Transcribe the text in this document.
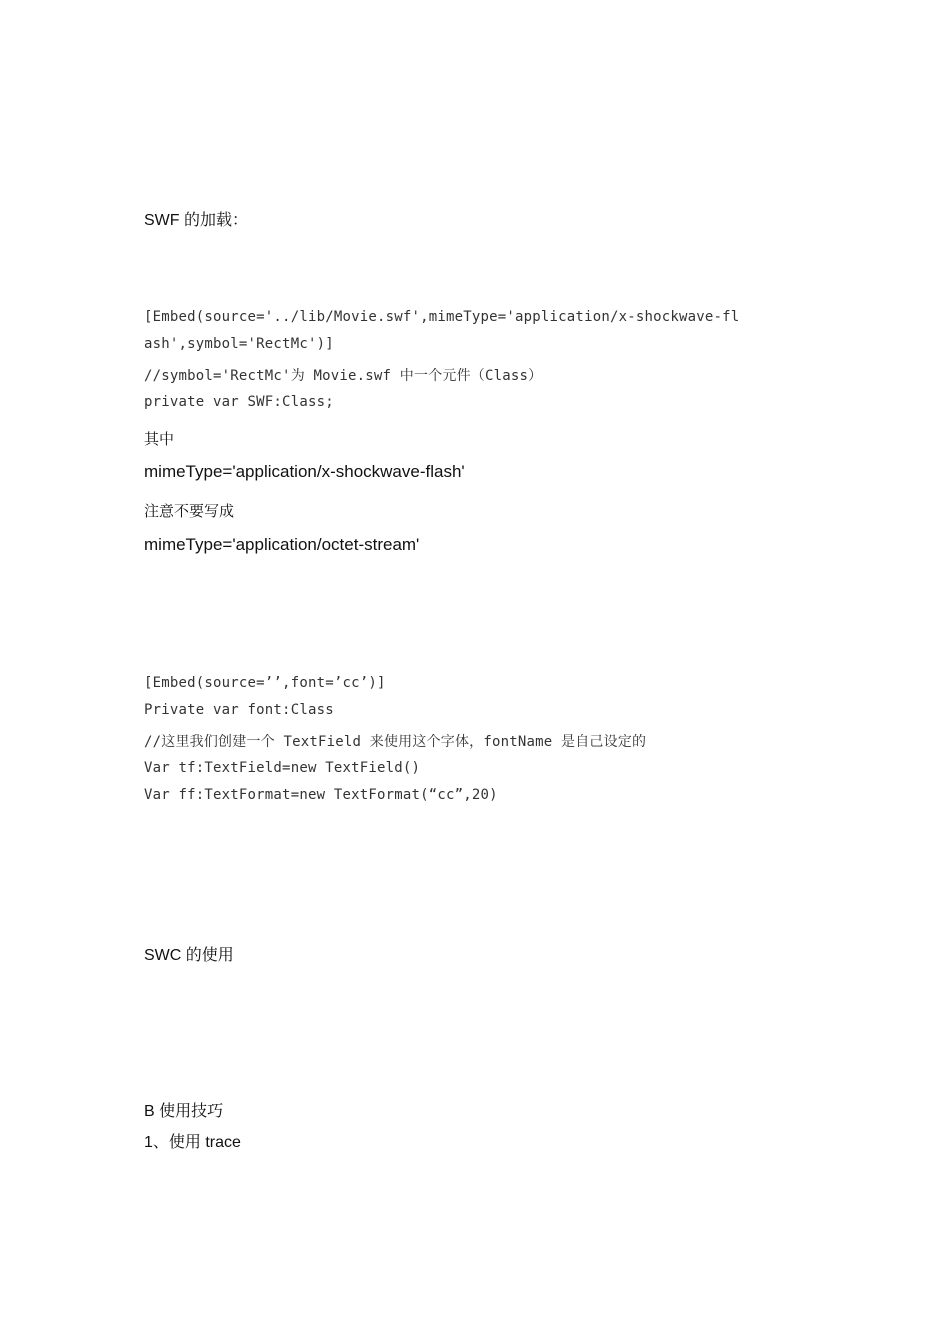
SWF 的加载：

[Embed(source='../lib/Movie.swf',mimeType='application/x-shockwave-fl

ash',symbol='RectMc')]

//symbol='RectMc'为 Movie.swf 中一个元件（Class）

private var SWF:Class;

其中

mimeType='application/x-shockwave-flash'

注意不要写成

mimeType='application/octet-stream'

[Embed(source=’’,font=’cc’)]

Private var font:Class

//这里我们创建一个 TextField 来使用这个字体，fontName 是自己设定的

Var tf:TextField=new TextField()

Var ff:TextFormat=new TextFormat(“cc”,20)

SWC 的使用

B 使用技巧

1、使用 trace
